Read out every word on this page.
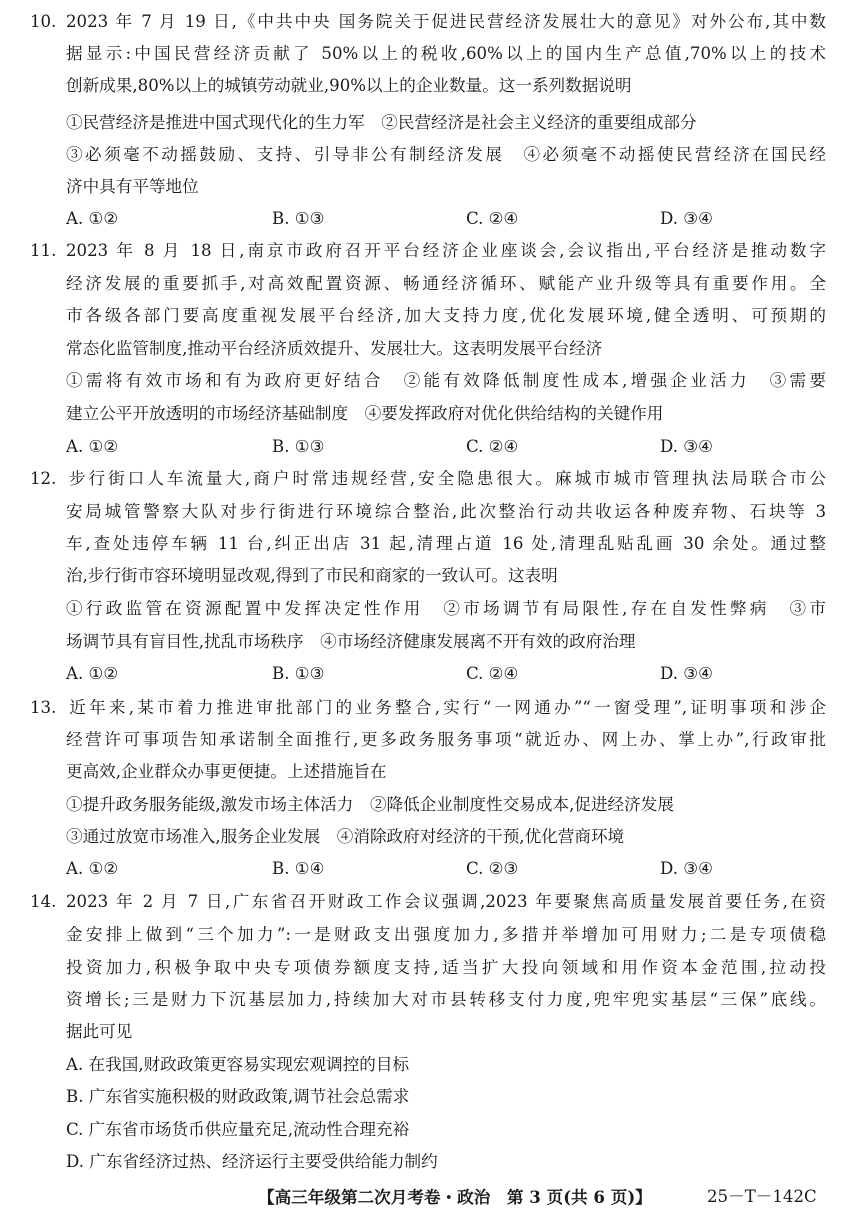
10. 2023 年 7 月 19 日,《中共中央 国务院关于促进民营经济发展壮大的意见》对外公布,其中数
据显示:中国民营经济贡献了 50%以上的税收,60%以上的国内生产总值,70%以上的技术
创新成果,80%以上的城镇劳动就业,90%以上的企业数量。这一系列数据说明
①民营经济是推进中国式现代化的生力军　②民营经济是社会主义经济的重要组成部分
③必须毫不动摇鼓励、支持、引导非公有制经济发展　④必须毫不动摇使民营经济在国民经
济中具有平等地位
A. ①②	B. ①③	C. ②④	D. ③④
11. 2023 年 8 月 18 日,南京市政府召开平台经济企业座谈会,会议指出,平台经济是推动数字
经济发展的重要抓手,对高效配置资源、畅通经济循环、赋能产业升级等具有重要作用。全
市各级各部门要高度重视发展平台经济,加大支持力度,优化发展环境,健全透明、可预期的
常态化监管制度,推动平台经济质效提升、发展壮大。这表明发展平台经济
①需将有效市场和有为政府更好结合　②能有效降低制度性成本,增强企业活力　③需要
建立公平开放透明的市场经济基础制度　④要发挥政府对优化供给结构的关键作用
A. ①②	B. ①③	C. ②④	D. ③④
12. 步行街口人车流量大,商户时常违规经营,安全隐患很大。麻城市城市管理执法局联合市公
安局城管警察大队对步行街进行环境综合整治,此次整治行动共收运各种废弃物、石块等 3
车,查处违停车辆 11 台,纠正出店 31 起,清理占道 16 处,清理乱贴乱画 30 余处。通过整
治,步行街市容环境明显改观,得到了市民和商家的一致认可。这表明
①行政监管在资源配置中发挥决定性作用　②市场调节有局限性,存在自发性弊病　③市
场调节具有盲目性,扰乱市场秩序　④市场经济健康发展离不开有效的政府治理
A. ①②	B. ①③	C. ②④	D. ③④
13. 近年来,某市着力推进审批部门的业务整合,实行“一网通办”“一窗受理”,证明事项和涉企
经营许可事项告知承诺制全面推行,更多政务服务事项“就近办、网上办、掌上办”,行政审批
更高效,企业群众办事更便捷。上述措施旨在
①提升政务服务能级,激发市场主体活力　②降低企业制度性交易成本,促进经济发展
③通过放宽市场准入,服务企业发展　④消除政府对经济的干预,优化营商环境
A. ①②	B. ①④	C. ②③	D. ③④
14. 2023 年 2 月 7 日,广东省召开财政工作会议强调,2023 年要聚焦高质量发展首要任务,在资
金安排上做到“三个加力”:一是财政支出强度加力,多措并举增加可用财力;二是专项债稳
投资加力,积极争取中央专项债券额度支持,适当扩大投向领域和用作资本金范围,拉动投
资增长;三是财力下沉基层加力,持续加大对市县转移支付力度,兜牢兜实基层“三保”底线。
据此可见
A. 在我国,财政政策更容易实现宏观调控的目标
B. 广东省实施积极的财政政策,调节社会总需求
C. 广东省市场货币供应量充足,流动性合理充裕
D. 广东省经济过热、经济运行主要受供给能力制约
【高三年级第二次月考卷・政治　第 3 页(共 6 页)】	25－T－142C
